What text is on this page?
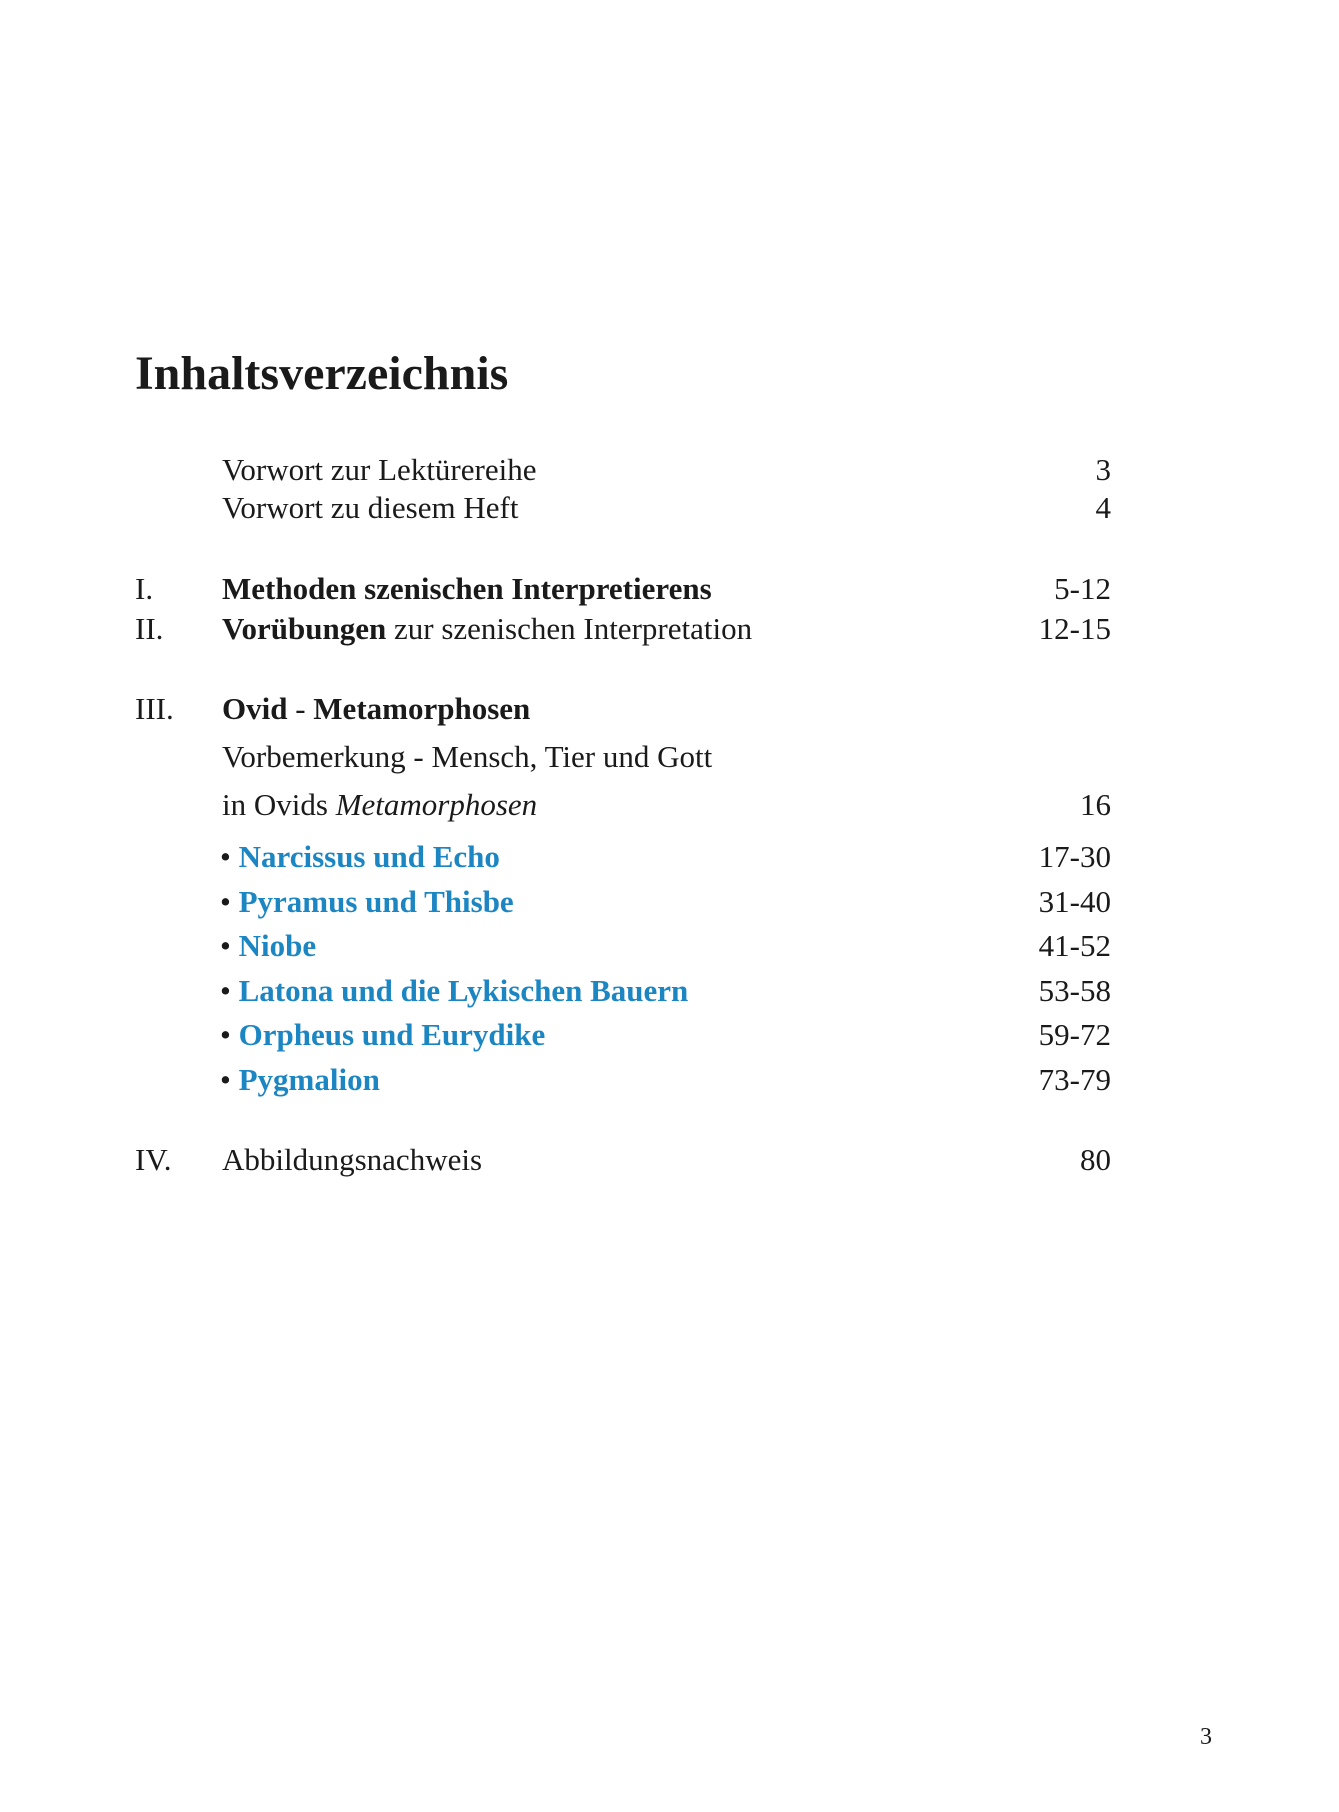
Inhaltsverzeichnis
Vorwort zur Lektürereihe	3
Vorwort zu diesem Heft	4
I. Methoden szenischen Interpretierens	5-12
II. Vorübungen zur szenischen Interpretation	12-15
III. Ovid - Metamorphosen
Vorbemerkung - Mensch, Tier und Gott
in Ovids Metamorphosen	16
• Narcissus und Echo	17-30
• Pyramus und Thisbe	31-40
• Niobe	41-52
• Latona und die Lykischen Bauern	53-58
• Orpheus und Eurydike	59-72
• Pygmalion	73-79
IV. Abbildungsnachweis	80
3
